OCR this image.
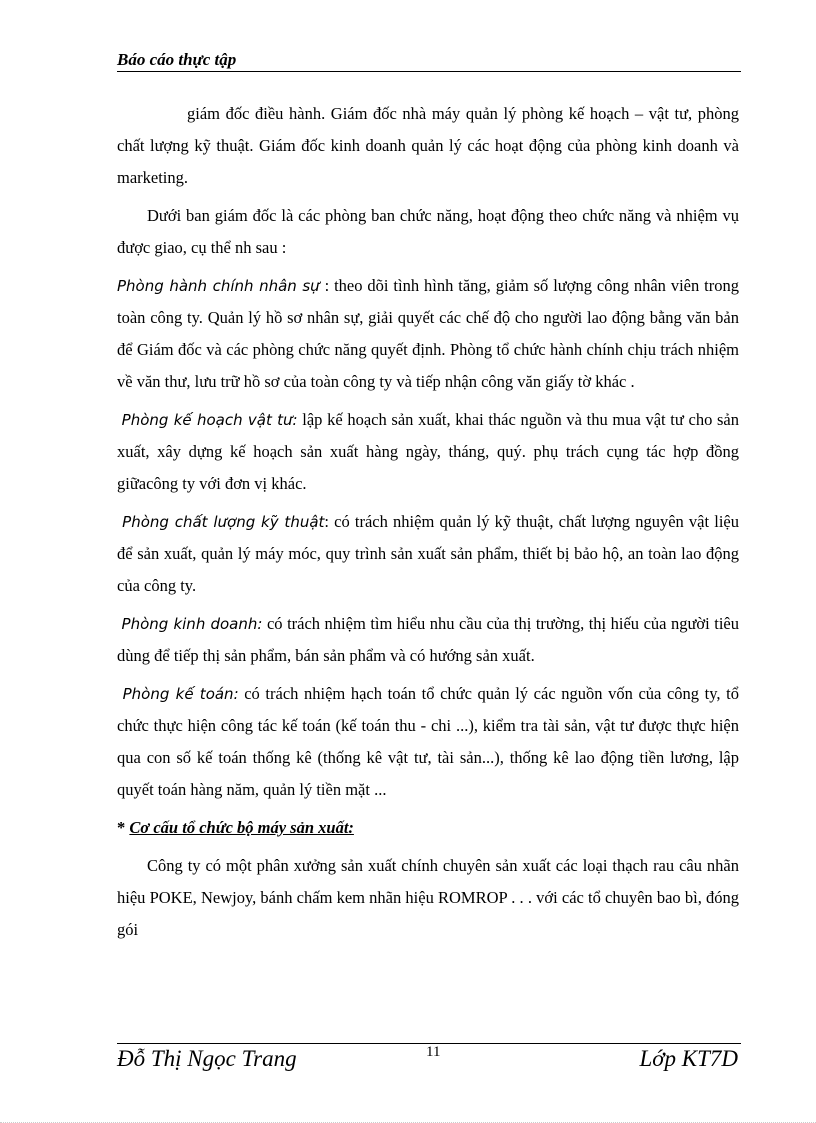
Báo cáo thực tập

giám đốc điều hành. Giám đốc nhà máy quản lý phòng kế hoạch – vật tư, phòng chất lượng kỹ thuật. Giám đốc kinh doanh quản lý các hoạt động của phòng kinh doanh và marketing.

Dưới ban giám đốc là các phòng ban chức năng, hoạt động theo chức năng và nhiệm vụ được giao, cụ thể nh sau :

Phòng hành chính nhân sự : theo dõi tình hình tăng, giảm số lượng công nhân viên trong toàn công ty. Quản lý hồ sơ nhân sự, giải quyết các chế độ cho người lao động bằng văn bản để Giám đốc và các phòng chức năng quyết định. Phòng tổ chức hành chính chịu trách nhiệm về văn thư, lưu trữ hồ sơ của toàn công ty và tiếp nhận công văn giấy tờ khác .

Phòng kế hoạch vật tư: lập kế hoạch sản xuất, khai thác nguồn và thu mua vật tư cho sản xuất, xây dựng kế hoạch sản xuất hàng ngày, tháng, quý. phụ trách cụng tác hợp đồng giữacông ty với đơn vị khác.

Phòng chất lượng kỹ thuật: có trách nhiệm quản lý kỹ thuật, chất lượng nguyên vật liệu để sản xuất, quản lý máy móc, quy trình sản xuất sản phẩm, thiết bị bảo hộ, an toàn lao động của công ty.

Phòng kinh doanh: có trách nhiệm tìm hiểu nhu cầu của thị trường, thị hiếu của người tiêu dùng để tiếp thị sản phẩm, bán sản phẩm và có hướng sản xuất.

Phòng kế toán: có trách nhiệm hạch toán tổ chức quản lý các nguồn vốn của công ty, tổ chức thực hiện công tác kế toán (kế toán thu - chi ...), kiểm tra tài sản, vật tư được thực hiện qua con số kế toán thống kê (thống kê vật tư, tài sản...), thống kê lao động tiền lương, lập quyết toán hàng năm, quản lý tiền mặt ...

* Cơ cấu tổ chức bộ máy sản xuất:

Công ty có một phân xưởng sản xuất chính chuyên sản xuất các loại thạch rau câu nhãn hiệu POKE, Newjoy, bánh chấm kem nhãn hiệu ROMROP . . . với các tổ chuyên bao bì, đóng gói

Đỗ Thị Ngọc Trang	11	Lớp KT7D
